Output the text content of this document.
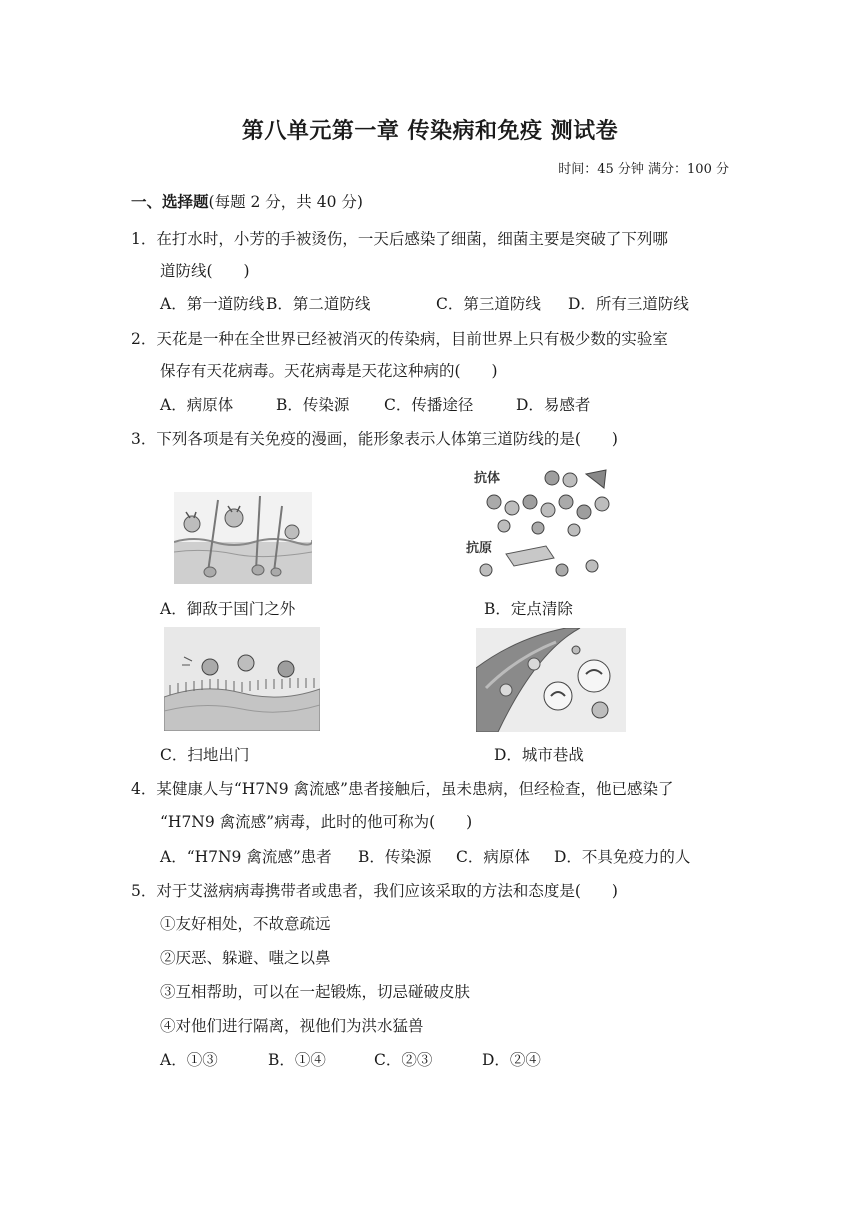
第八单元第一章 传染病和免疫 测试卷
时间：45 分钟 满分：100 分
一、选择题(每题 2 分，共 40 分)
1．在打水时，小芳的手被烫伤，一天后感染了细菌，细菌主要是突破了下列哪
道防线(　　)
A．第一道防线 B．第二道防线	C．第三道防线 D．所有三道防线
2．天花是一种在全世界已经被消灭的传染病，目前世界上只有极少数的实验室
保存有天花病毒。天花病毒是天花这种病的(　　)
A．病原体	B．传染源 C．传播途径	D．易感者
3．下列各项是有关免疫的漫画，能形象表示人体第三道防线的是(　　)
抗体
抗原
A．御敌于国门之外	B．定点清除
C．扫地出门	D．城市巷战
4．某健康人与“H7N9 禽流感”患者接触后，虽未患病，但经检查，他已感染了
“H7N9 禽流感”病毒，此时的他可称为(　　)
A．“H7N9 禽流感”患者 B．传染源 C．病原体 D．不具免疫力的人
5．对于艾滋病病毒携带者或患者，我们应该采取的方法和态度是(　　)
①友好相处，不故意疏远
②厌恶、躲避、嗤之以鼻
③互相帮助，可以在一起锻炼，切忌碰破皮肤
④对他们进行隔离，视他们为洪水猛兽
A．①③	B．①④	C．②③	D．②④
